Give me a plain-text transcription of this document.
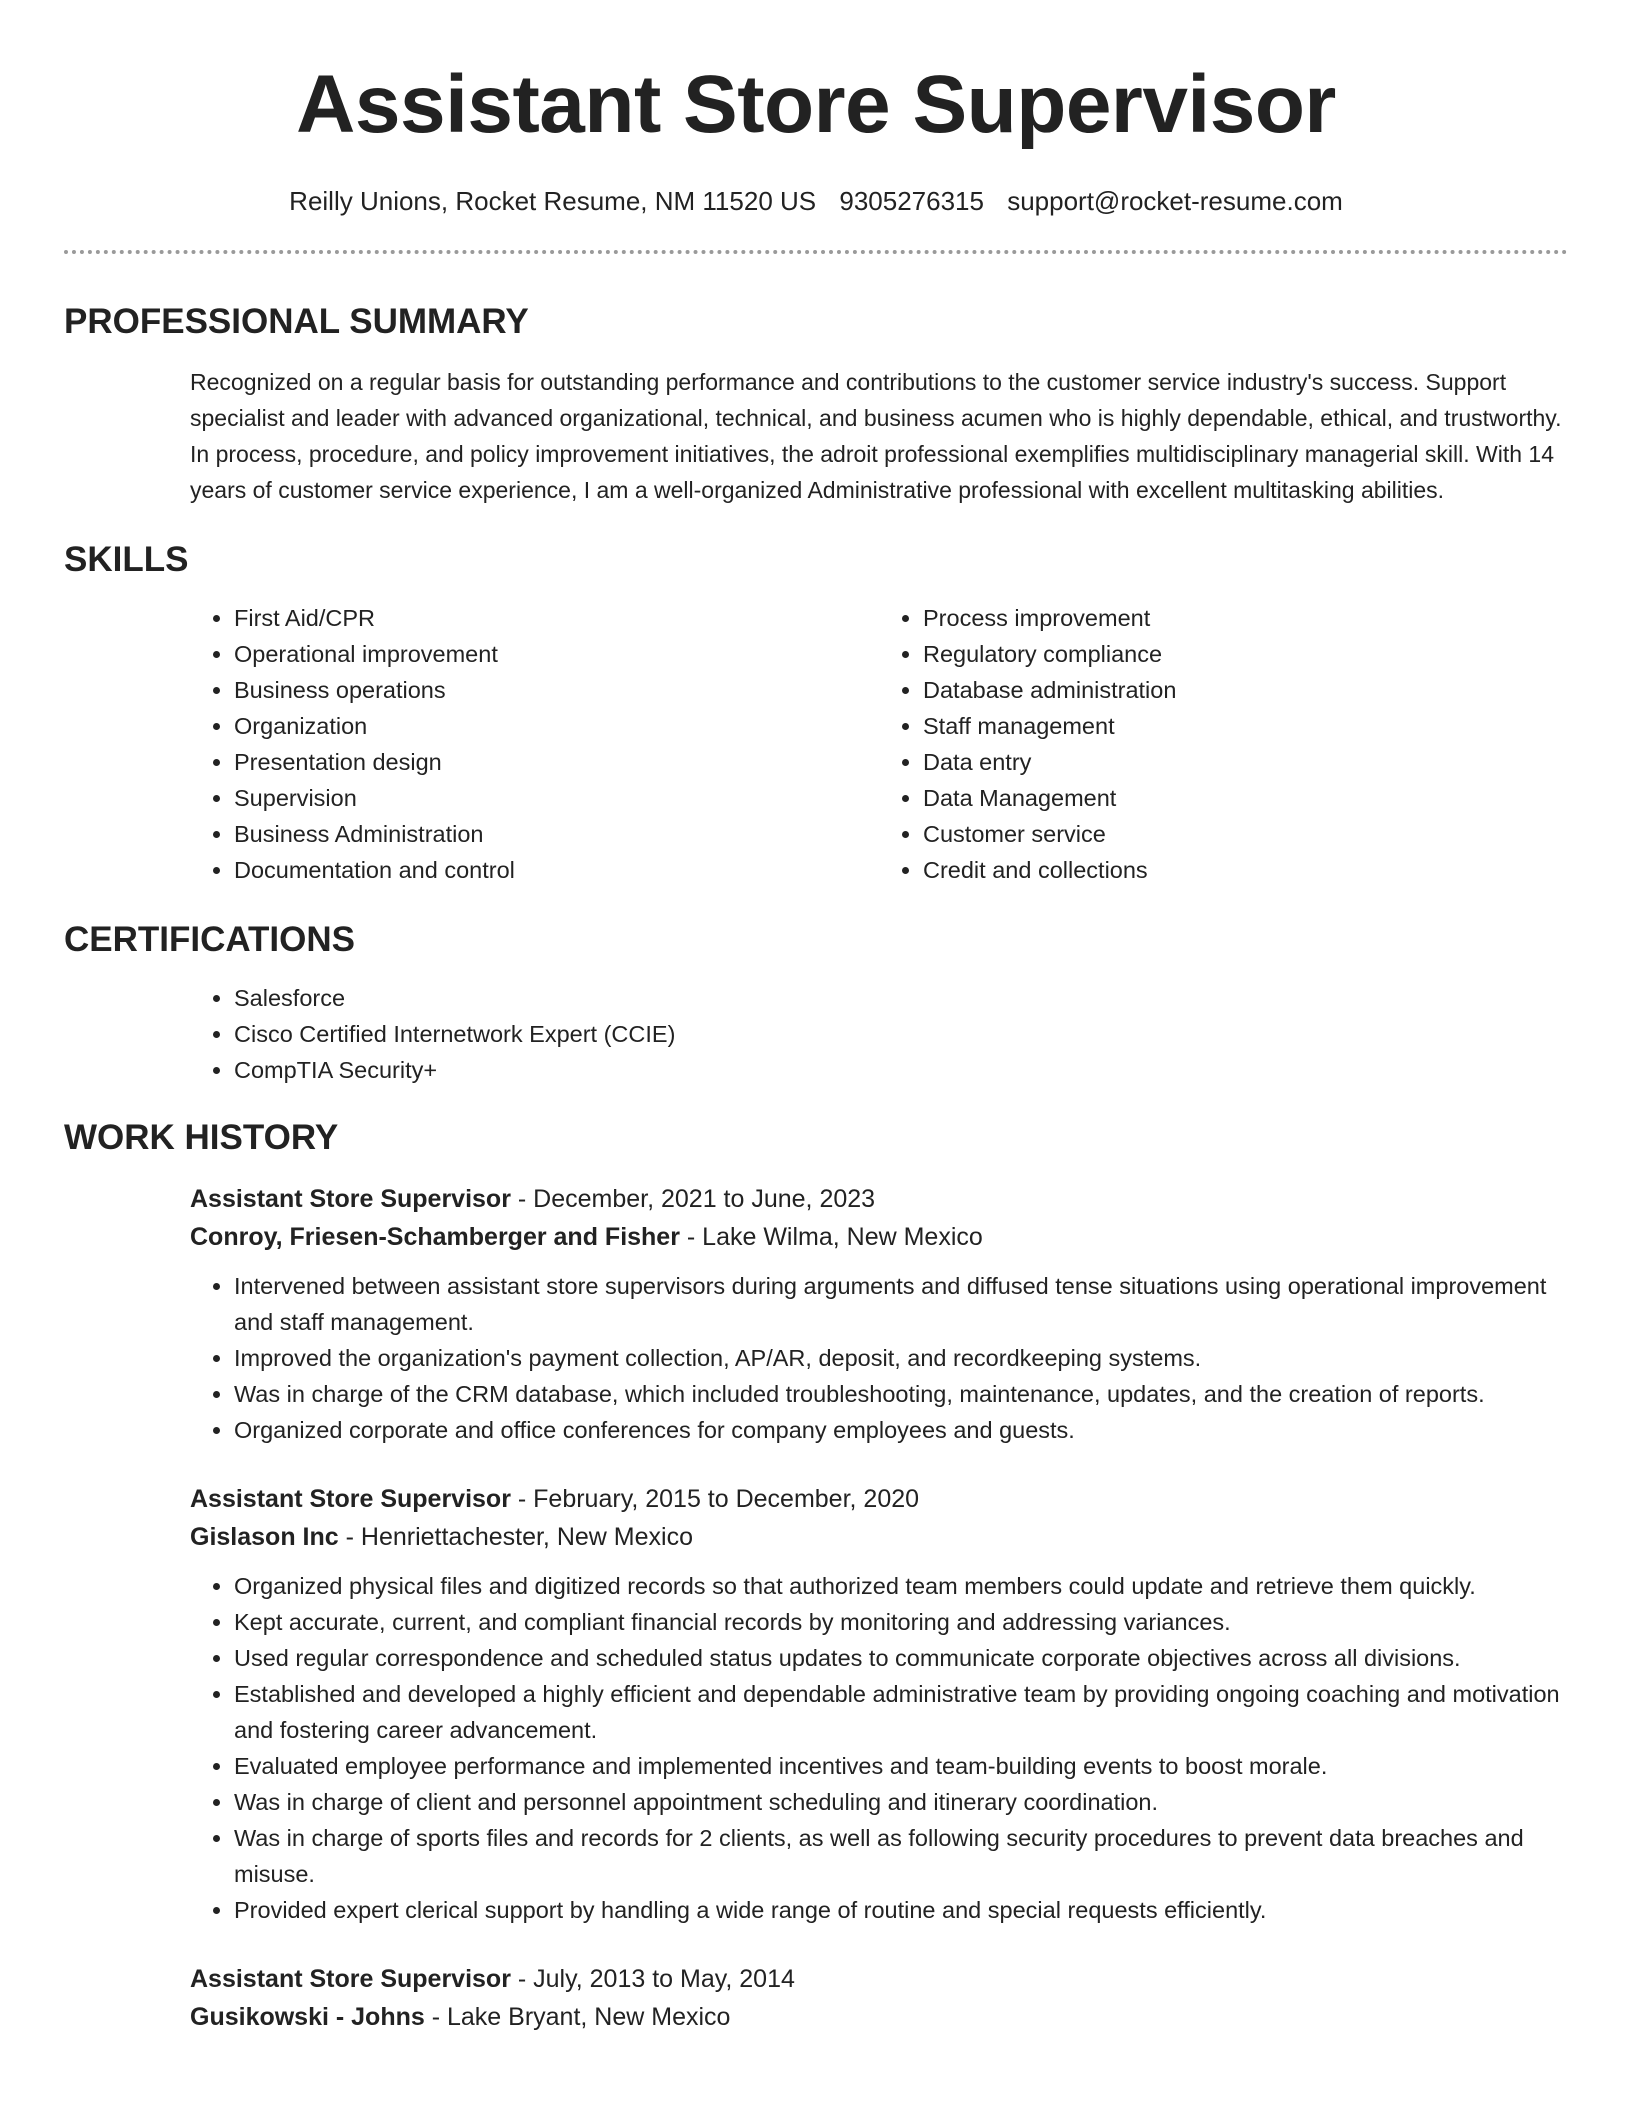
Assistant Store Supervisor
Reilly Unions, Rocket Resume, NM 11520 US 9305276315 support@rocket-resume.com
PROFESSIONAL SUMMARY

Recognized on a regular basis for outstanding performance and contributions to the customer service industry's success. Support specialist and leader with advanced organizational, technical, and business acumen who is highly dependable, ethical, and trustworthy. In process, procedure, and policy improvement initiatives, the adroit professional exemplifies multidisciplinary managerial skill. With 14 years of customer service experience, I am a well-organized Administrative professional with excellent multitasking abilities.

SKILLS
• First Aid/CPR
• Operational improvement
• Business operations
• Organization
• Presentation design
• Supervision
• Business Administration
• Documentation and control
• Process improvement
• Regulatory compliance
• Database administration
• Staff management
• Data entry
• Data Management
• Customer service
• Credit and collections
CERTIFICATIONS
• Salesforce
• Cisco Certified Internetwork Expert (CCIE)
• CompTIA Security+
WORK HISTORY
Assistant Store Supervisor - December, 2021 to June, 2023
Conroy, Friesen-Schamberger and Fisher - Lake Wilma, New Mexico
• Intervened between assistant store supervisors during arguments and diffused tense situations using operational improvement and staff management.
• Improved the organization's payment collection, AP/AR, deposit, and recordkeeping systems.
• Was in charge of the CRM database, which included troubleshooting, maintenance, updates, and the creation of reports.
• Organized corporate and office conferences for company employees and guests.
Assistant Store Supervisor - February, 2015 to December, 2020
Gislason Inc - Henriettachester, New Mexico
• Organized physical files and digitized records so that authorized team members could update and retrieve them quickly.
• Kept accurate, current, and compliant financial records by monitoring and addressing variances.
• Used regular correspondence and scheduled status updates to communicate corporate objectives across all divisions.
• Established and developed a highly efficient and dependable administrative team by providing ongoing coaching and motivation and fostering career advancement.
• Evaluated employee performance and implemented incentives and team-building events to boost morale.
• Was in charge of client and personnel appointment scheduling and itinerary coordination.
• Was in charge of sports files and records for 2 clients, as well as following security procedures to prevent data breaches and misuse.
• Provided expert clerical support by handling a wide range of routine and special requests efficiently.
Assistant Store Supervisor - July, 2013 to May, 2014
Gusikowski - Johns - Lake Bryant, New Mexico
